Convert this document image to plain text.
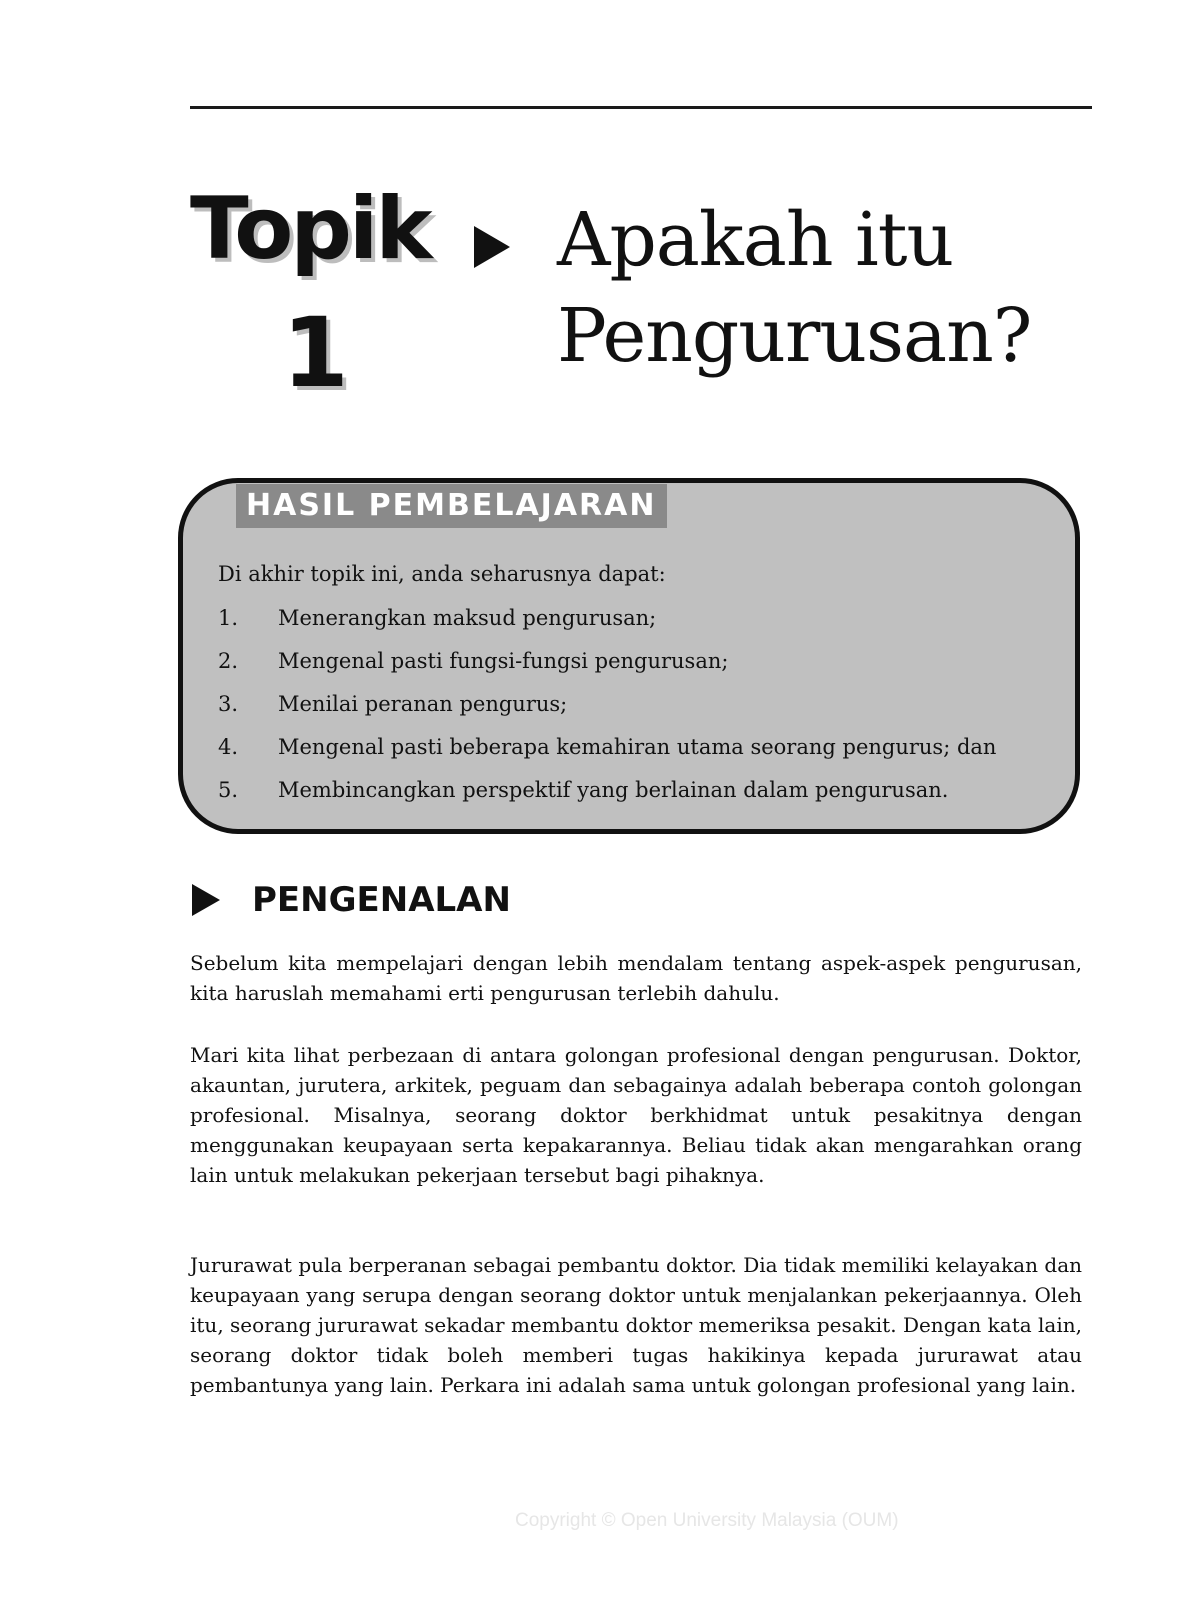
Topik
1
Apakah itu Pengurusan?
HASIL PEMBELAJARAN
Di akhir topik ini, anda seharusnya dapat:
1. Menerangkan maksud pengurusan;
2. Mengenal pasti fungsi-fungsi pengurusan;
3. Menilai peranan pengurus;
4. Mengenal pasti beberapa kemahiran utama seorang pengurus; dan
5. Membincangkan perspektif yang berlainan dalam pengurusan.
PENGENALAN

Sebelum kita mempelajari dengan lebih mendalam tentang aspek-aspek pengurusan, kita haruslah memahami erti pengurusan terlebih dahulu.

Mari kita lihat perbezaan di antara golongan profesional dengan pengurusan. Doktor, akauntan, jurutera, arkitek, peguam dan sebagainya adalah beberapa contoh golongan profesional. Misalnya, seorang doktor berkhidmat untuk pesakitnya dengan menggunakan keupayaan serta kepakarannya. Beliau tidak akan mengarahkan orang lain untuk melakukan pekerjaan tersebut bagi pihaknya.

Jururawat pula berperanan sebagai pembantu doktor. Dia tidak memiliki kelayakan dan keupayaan yang serupa dengan seorang doktor untuk menjalankan pekerjaannya. Oleh itu, seorang jururawat sekadar membantu doktor memeriksa pesakit. Dengan kata lain, seorang doktor tidak boleh memberi tugas hakikinya kepada jururawat atau pembantunya yang lain. Perkara ini adalah sama untuk golongan profesional yang lain.

Copyright © Open University Malaysia (OUM)
